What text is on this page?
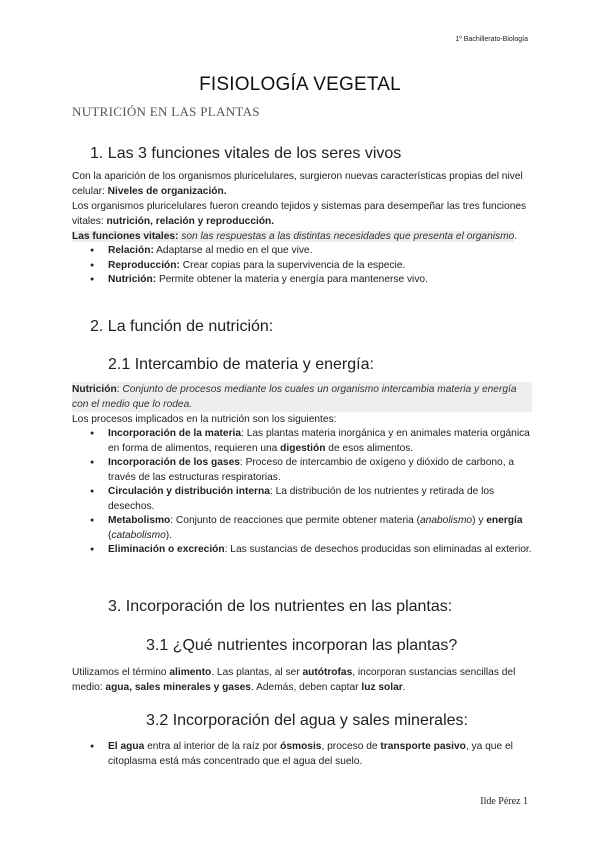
1º Bachillerato-Biología
FISIOLOGÍA VEGETAL
NUTRICIÓN EN LAS PLANTAS
1. Las 3 funciones vitales de los seres vivos
Con la aparición de los organismos pluricelulares, surgieron nuevas características propias del nivel celular: Niveles de organización.
Los organismos pluricelulares fueron creando tejidos y sistemas para desempeñar las tres funciones vitales: nutrición, relación y reproducción.
Las funciones vitales: son las respuestas a las distintas necesidades que presenta el organismo.
● Relación: Adaptarse al medio en el que vive.
● Reproducción: Crear copias para la supervivencia de la especie.
● Nutrición: Permite obtener la materia y energía para mantenerse vivo.
2. La función de nutrición:
2.1 Intercambio de materia y energía:
Nutrición: Conjunto de procesos mediante los cuales un organismo intercambia materia y energía con el medio que lo rodea.
Los procesos implicados en la nutrición son los siguientes:
● Incorporación de la materia: Las plantas materia inorgánica y en animales materia orgánica en forma de alimentos, requieren una digestión de esos alimentos.
● Incorporación de los gases: Proceso de intercambio de oxígeno y dióxido de carbono, a través de las estructuras respiratorias.
● Circulación y distribución interna: La distribución de los nutrientes y retirada de los desechos.
● Metabolismo: Conjunto de reacciones que permite obtener materia (anabolismo) y energía (catabolismo).
● Eliminación o excreción: Las sustancias de desechos producidas son eliminadas al exterior.
3. Incorporación de los nutrientes en las plantas:
3.1 ¿Qué nutrientes incorporan las plantas?
Utilizamos el término alimento. Las plantas, al ser autótrofas, incorporan sustancias sencillas del medio: agua, sales minerales y gases. Además, deben captar luz solar.
3.2 Incorporación del agua y sales minerales:
● El agua entra al interior de la raíz por ósmosis, proceso de transporte pasivo, ya que el citoplasma está más concentrado que el agua del suelo.
Ilde Pérez 1
